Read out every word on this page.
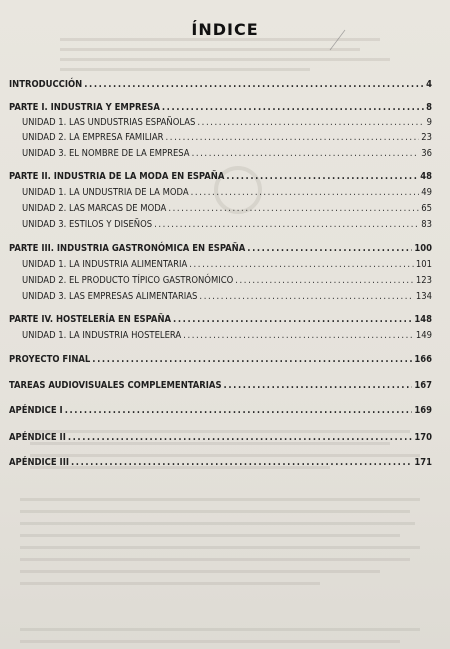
ÍNDICE
INTRODUCCIÓN .....	4
PARTE I. INDUSTRIA Y EMPRESA .....	8
UNIDAD 1. LAS UNDUSTRIAS ESPAÑOLAS .....	9
UNIDAD 2. LA EMPRESA FAMILIAR .....	23
UNIDAD 3. EL NOMBRE DE LA EMPRESA .....	36
PARTE II. INDUSTRIA DE LA MODA EN ESPAÑA .....	48
UNIDAD 1. LA UNDUSTRIA DE LA MODA .....	49
UNIDAD 2. LAS MARCAS DE MODA .....	65
UNIDAD 3. ESTILOS Y DISEÑOS .....	83
PARTE III. INDUSTRIA GASTRONÓMICA EN ESPAÑA .....	100
UNIDAD 1. LA INDUSTRIA ALIMENTARIA .....	101
UNIDAD 2. EL PRODUCTO TÍPICO GASTRONÓMICO .....	123
UNIDAD 3. LAS EMPRESAS ALIMENTARIAS .....	134
PARTE IV. HOSTELERÍA EN ESPAÑA .....	148
UNIDAD 1. LA INDUSTRIA HOSTELERA .....	149
PROYECTO FINAL .....	166
TAREAS AUDIOVISUALES COMPLEMENTARIAS .....	167
APÉNDICE I .....	169
APÉNDICE II .....	170
APÉNDICE III .....	171
